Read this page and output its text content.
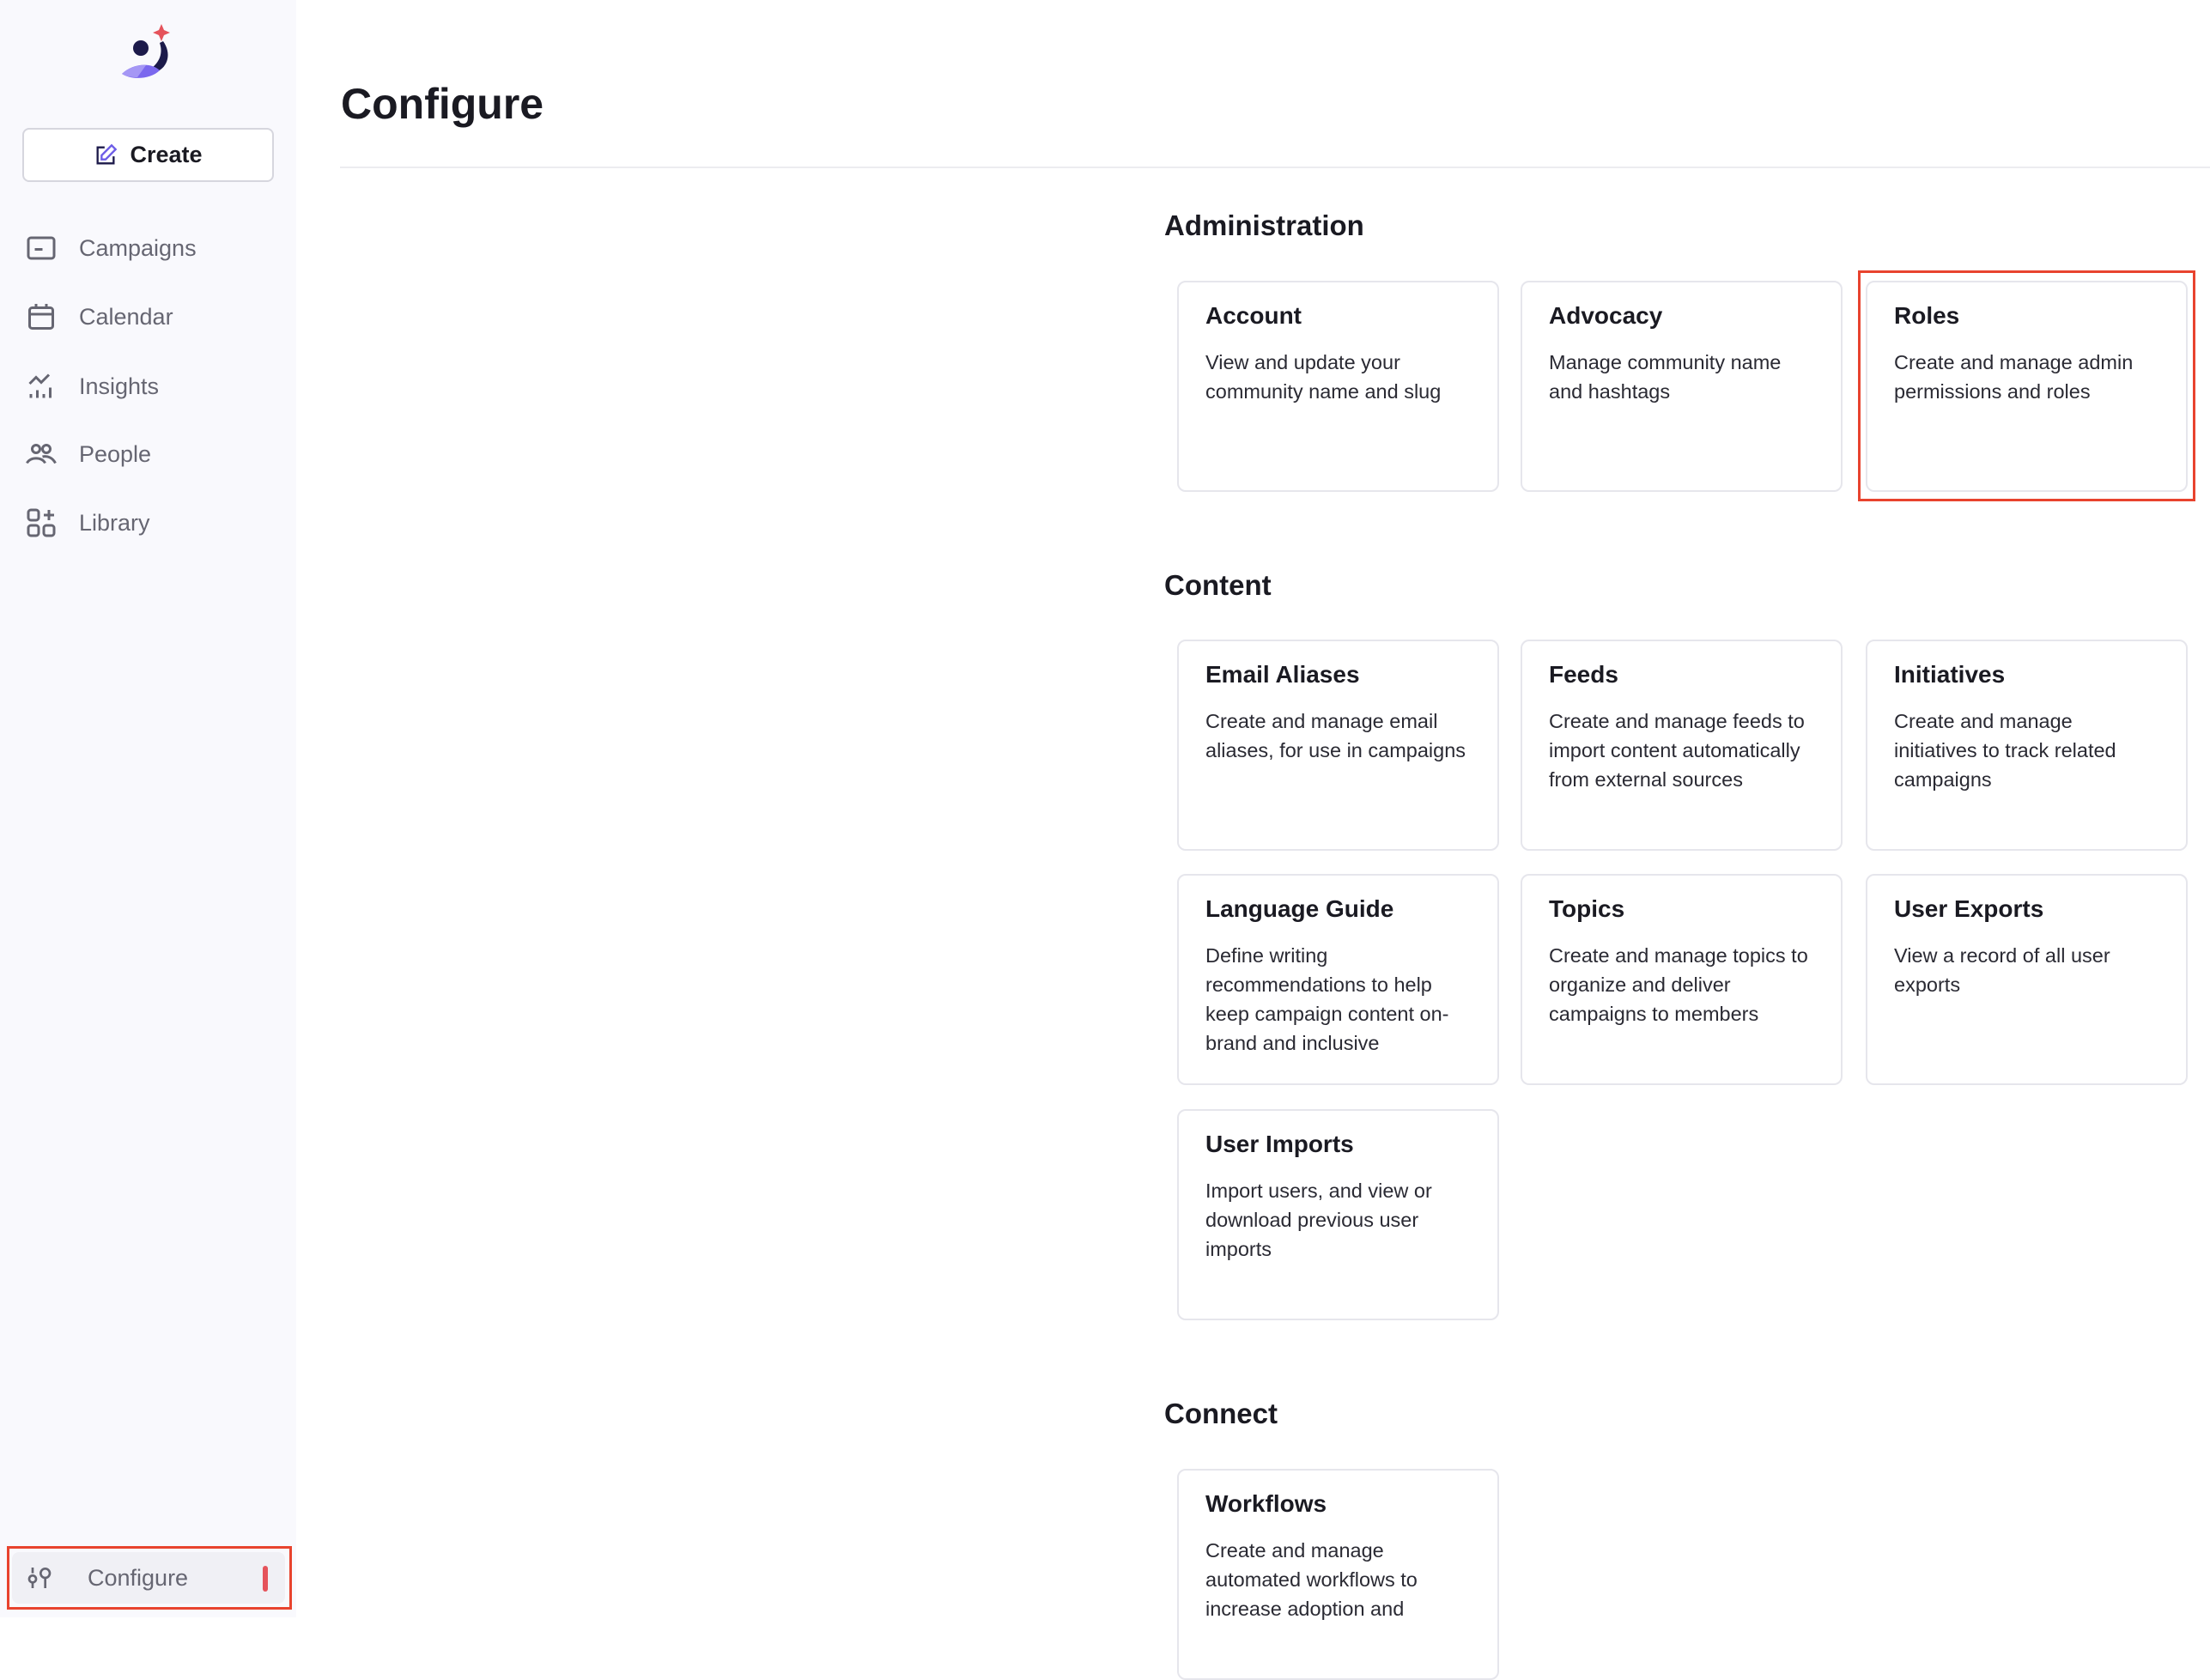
Create
Campaigns
Calendar
Insights
People
Library
Configure
Configure
Administration
Account

View and update your community name and slug

Advocacy

Manage community name and hashtags

Roles

Create and manage admin permissions and roles

Content
Email Aliases

Create and manage email aliases, for use in campaigns

Feeds

Create and manage feeds to import content automatically from external sources

Initiatives

Create and manage initiatives to track related campaigns

Language Guide

Define writing recommendations to help keep campaign content on-brand and inclusive

Topics

Create and manage topics to organize and deliver campaigns to members

User Exports

View a record of all user exports

User Imports

Import users, and view or download previous user imports

Connect
Workflows

Create and manage automated workflows to increase adoption and
